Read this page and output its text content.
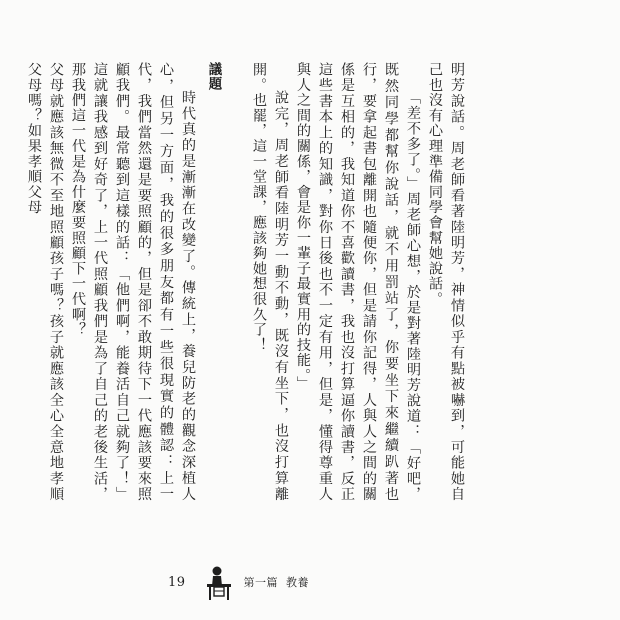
明芳說話。周老師看著陸明芳，神情似乎有點被嚇到，可能她自己也沒有心理準備同學會幫她說話。

「差不多了。」周老師心想，於是對著陸明芳說道：「好吧，既然同學都幫你說話，就不用罰站了，你要坐下來繼續趴著也行，要拿起書包離開也隨便你，但是請你記得，人與人之間的關係是互相的，我知道你不喜歡讀書，我也沒打算逼你讀書，反正這些書本上的知識，對你日後也不一定有用，但是，懂得尊重人與人之間的關係，會是你一輩子最實用的技能。」

說完，周老師看陸明芳一動不動，既沒有坐下，也沒打算離開。也罷，這一堂課，應該夠她想很久了！

議題

時代真的是漸漸在改變了。傳統上，養兒防老的觀念深植人心，但另一方面，我的很多朋友都有一些很現實的體認：上一代，我們當然還是要照顧的，但是卻不敢期待下一代應該要來照顧我們。最常聽到這樣的話：「他們啊，能養活自己就夠了！」這就讓我感到好奇了，上一代照顧我們是為了自己的老後生活，那我們這一代是為什麼要照顧下一代啊？

父母就應該無微不至地照顧孩子嗎？孩子就應該全心全意地孝順父母嗎？如果孝順父母

19	第一篇 教養
